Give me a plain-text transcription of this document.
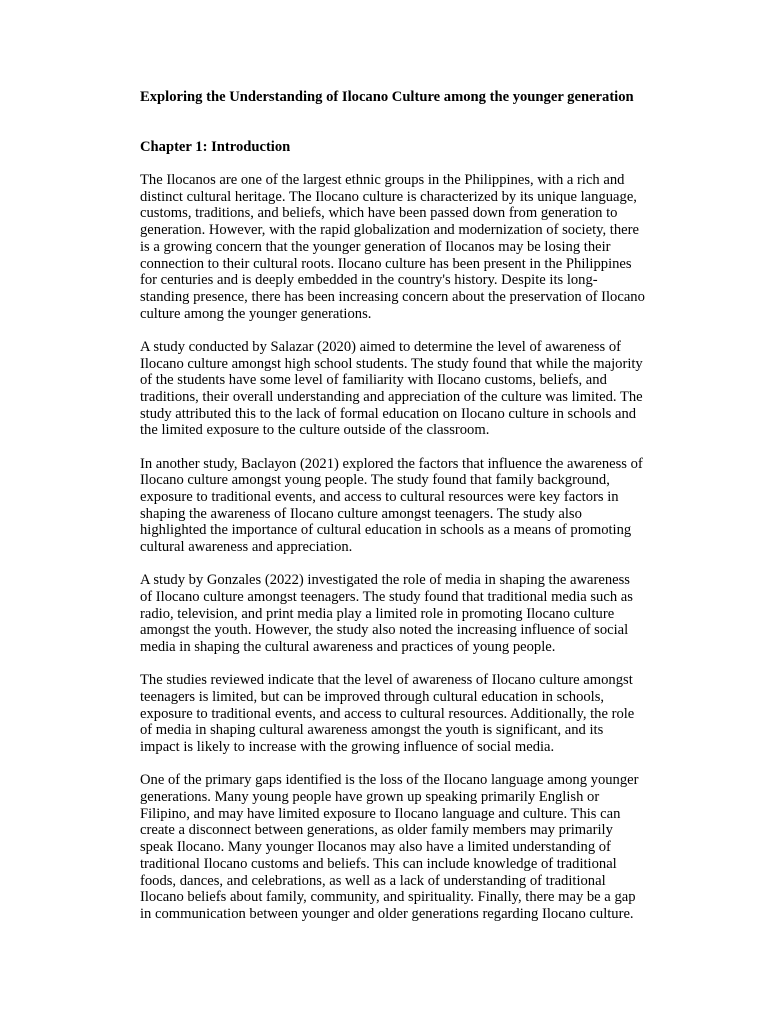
Exploring the Understanding of Ilocano Culture among the younger generation
Chapter 1: Introduction

The Ilocanos are one of the largest ethnic groups in the Philippines, with a rich and
distinct cultural heritage. The Ilocano culture is characterized by its unique language,
customs, traditions, and beliefs, which have been passed down from generation to
generation. However, with the rapid globalization and modernization of society, there
is a growing concern that the younger generation of Ilocanos may be losing their
connection to their cultural roots. Ilocano culture has been present in the Philippines
for centuries and is deeply embedded in the country's history. Despite its long-
standing presence, there has been increasing concern about the preservation of Ilocano
culture among the younger generations.

A study conducted by Salazar (2020) aimed to determine the level of awareness of
Ilocano culture amongst high school students. The study found that while the majority
of the students have some level of familiarity with Ilocano customs, beliefs, and
traditions, their overall understanding and appreciation of the culture was limited. The
study attributed this to the lack of formal education on Ilocano culture in schools and
the limited exposure to the culture outside of the classroom.

In another study, Baclayon (2021) explored the factors that influence the awareness of
Ilocano culture amongst young people. The study found that family background,
exposure to traditional events, and access to cultural resources were key factors in
shaping the awareness of Ilocano culture amongst teenagers. The study also
highlighted the importance of cultural education in schools as a means of promoting
cultural awareness and appreciation.

A study by Gonzales (2022) investigated the role of media in shaping the awareness
of Ilocano culture amongst teenagers. The study found that traditional media such as
radio, television, and print media play a limited role in promoting Ilocano culture
amongst the youth. However, the study also noted the increasing influence of social
media in shaping the cultural awareness and practices of young people.

The studies reviewed indicate that the level of awareness of Ilocano culture amongst
teenagers is limited, but can be improved through cultural education in schools,
exposure to traditional events, and access to cultural resources. Additionally, the role
of media in shaping cultural awareness amongst the youth is significant, and its
impact is likely to increase with the growing influence of social media.

One of the primary gaps identified is the loss of the Ilocano language among younger
generations. Many young people have grown up speaking primarily English or
Filipino, and may have limited exposure to Ilocano language and culture. This can
create a disconnect between generations, as older family members may primarily
speak Ilocano. Many younger Ilocanos may also have a limited understanding of
traditional Ilocano customs and beliefs. This can include knowledge of traditional
foods, dances, and celebrations, as well as a lack of understanding of traditional
Ilocano beliefs about family, community, and spirituality. Finally, there may be a gap
in communication between younger and older generations regarding Ilocano culture.
